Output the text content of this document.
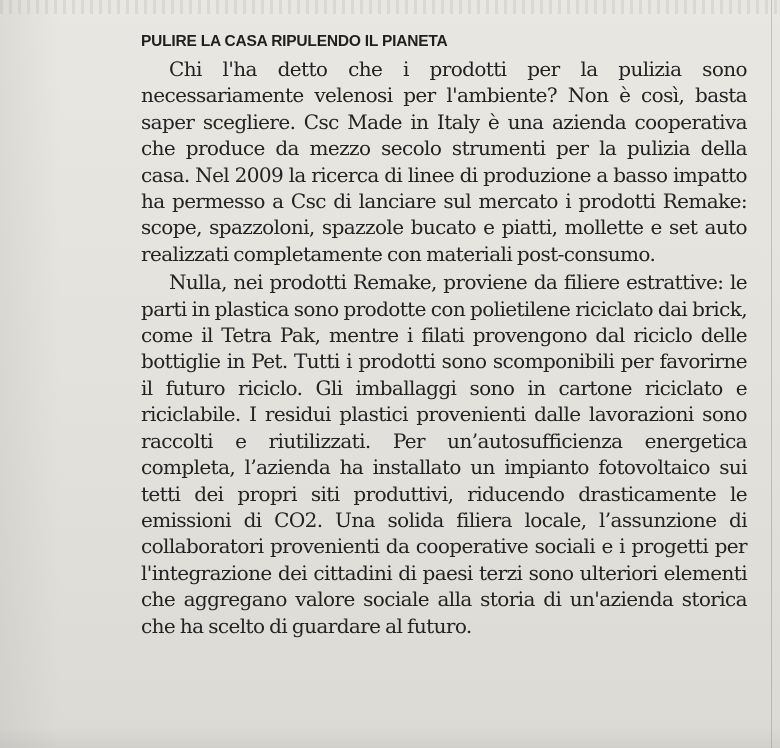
PULIRE LA CASA RIPULENDO IL PIANETA

Chi l'ha detto che i prodotti per la pulizia sono necessariamente velenosi per l'ambiente? Non è così, basta saper scegliere. Csc Made in Italy è una azienda cooperativa che produce da mezzo secolo strumenti per la pulizia della casa. Nel 2009 la ricerca di linee di produzione a basso impatto ha permesso a Csc di lanciare sul mercato i prodotti Remake: scope, spazzoloni, spazzole bucato e piatti, mollette e set auto realizzati completamente con materiali post-consumo.

Nulla, nei prodotti Remake, proviene da filiere estrattive: le parti in plastica sono prodotte con polietilene riciclato dai brick, come il Tetra Pak, mentre i filati provengono dal riciclo delle bottiglie in Pet. Tutti i prodotti sono scomponibili per favorirne il futuro riciclo. Gli imballaggi sono in cartone riciclato e riciclabile. I residui plastici provenienti dalle lavorazioni sono raccolti e riutilizzati. Per un’autosufficienza energetica completa, l’azienda ha installato un impianto fotovoltaico sui tetti dei propri siti produttivi, riducendo drasticamente le emissioni di CO2. Una solida filiera locale, l’assunzione di collaboratori provenienti da cooperative sociali e i progetti per l'integrazione dei cittadini di paesi terzi sono ulteriori elementi che aggregano valore sociale alla storia di un'azienda storica che ha scelto di guardare al futuro.
